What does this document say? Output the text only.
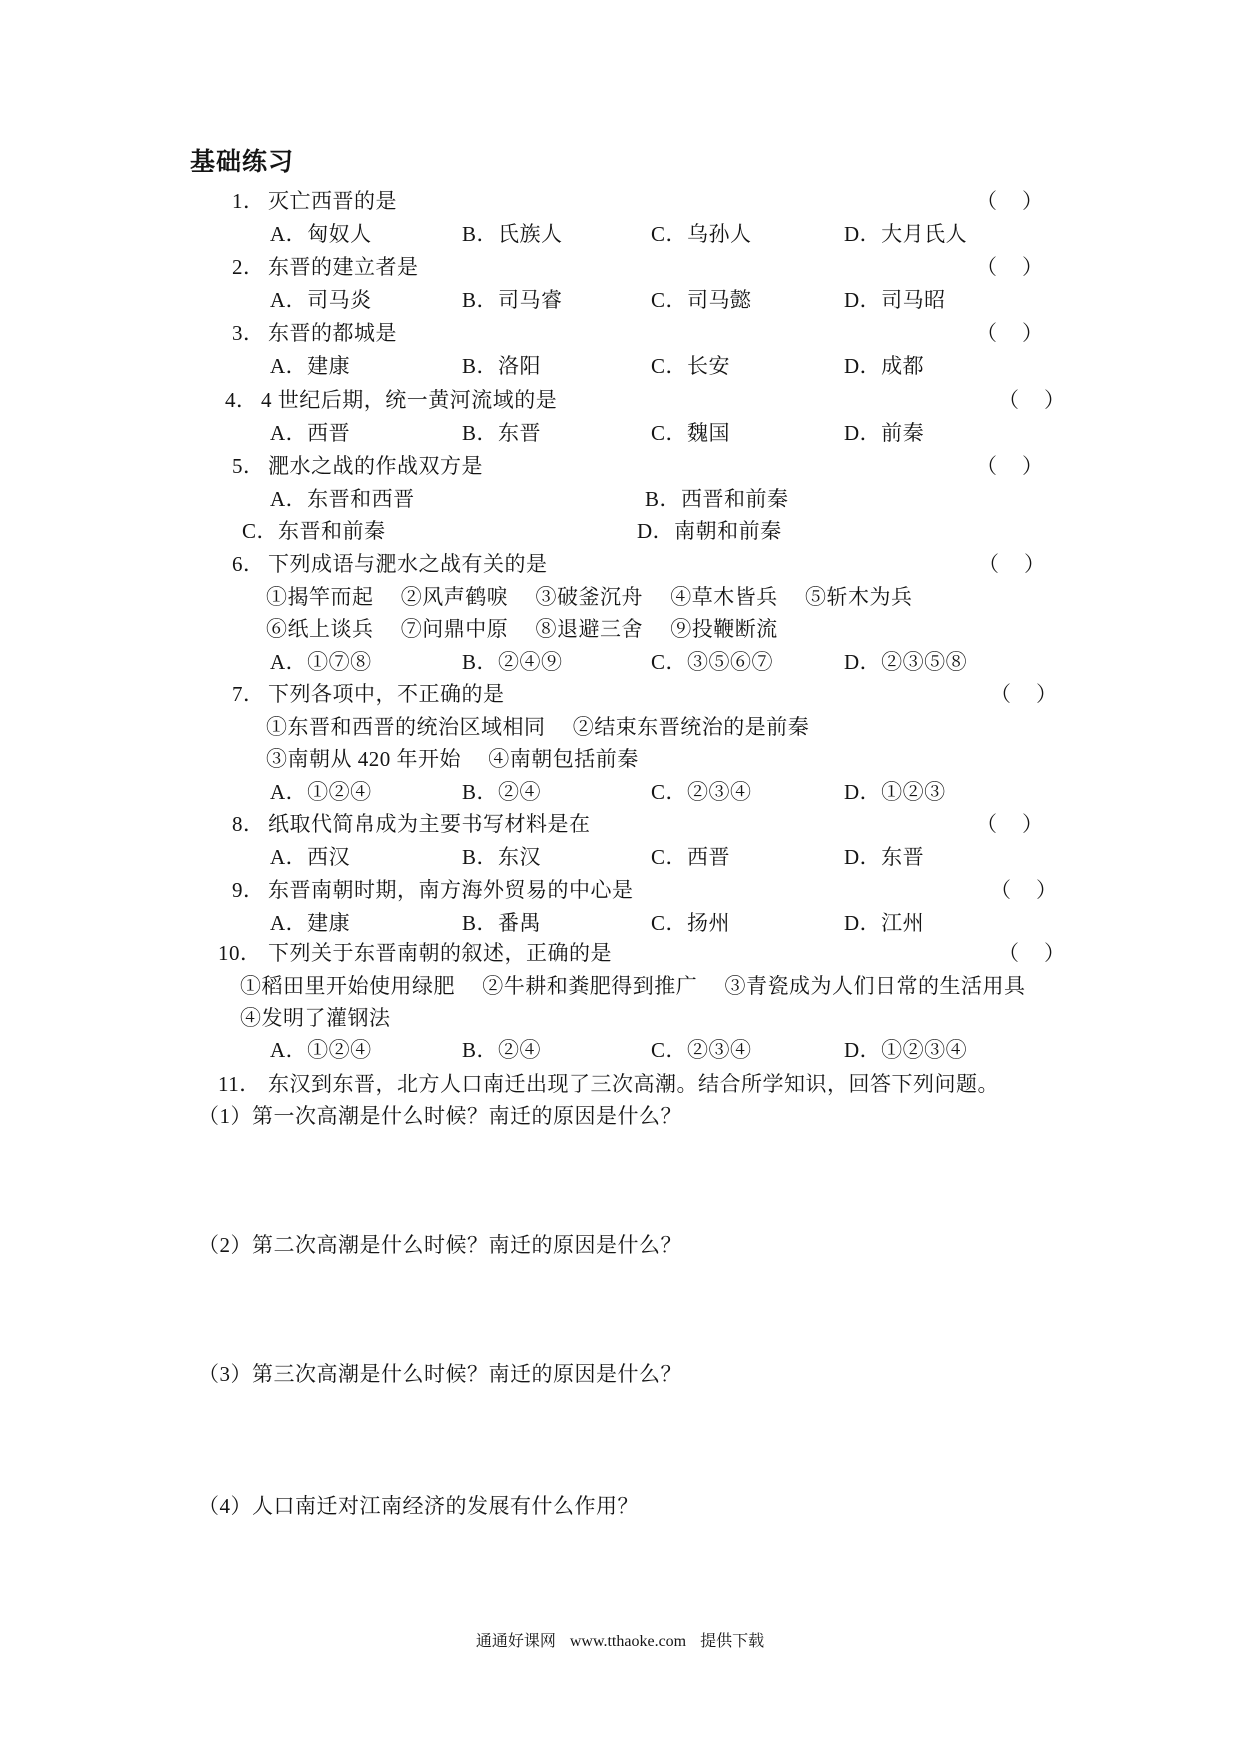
基础练习
1． 灭亡西晋的是	（　）
A．匈奴人	B．氏族人	C．乌孙人	D．大月氏人
2． 东晋的建立者是	（　）
A．司马炎	B．司马睿	C．司马懿	D．司马昭
3． 东晋的都城是	（　）
A．建康	B．洛阳	C．长安	D．成都
4． 4 世纪后期，统一黄河流域的是	（　）
A．西晋	B．东晋	C．魏国	D．前秦
5． 淝水之战的作战双方是	（　）
A．东晋和西晋	B．西晋和前秦
C．东晋和前秦	D．南朝和前秦
6． 下列成语与淝水之战有关的是	（　）
①揭竿而起　 ②风声鹤唳　 ③破釜沉舟　 ④草木皆兵　 ⑤斩木为兵
⑥纸上谈兵　 ⑦问鼎中原　 ⑧退避三舍　 ⑨投鞭断流
A．①⑦⑧	B．②④⑨	C．③⑤⑥⑦	D．②③⑤⑧
7． 下列各项中，不正确的是	（　）
①东晋和西晋的统治区域相同　 ②结束东晋统治的是前秦
③南朝从 420 年开始　 ④南朝包括前秦
A．①②④	B．②④	C．②③④	D．①②③
8． 纸取代简帛成为主要书写材料是在	（　）
A．西汉	B．东汉	C．西晋	D．东晋
9． 东晋南朝时期，南方海外贸易的中心是	（　）
A．建康	B．番禺	C．扬州	D．江州
10． 下列关于东晋南朝的叙述，正确的是	（　）
①稻田里开始使用绿肥　 ②牛耕和粪肥得到推广　 ③青瓷成为人们日常的生活用具
④发明了灌钢法
A．①②④	B．②④	C．②③④	D．①②③④
11． 东汉到东晋，北方人口南迁出现了三次高潮。结合所学知识，回答下列问题。
（1）第一次高潮是什么时候？南迁的原因是什么？
（2）第二次高潮是什么时候？南迁的原因是什么？
（3）第三次高潮是什么时候？南迁的原因是什么？
（4）人口南迁对江南经济的发展有什么作用？
通通好课网 www.tthaoke.com 提供下载
